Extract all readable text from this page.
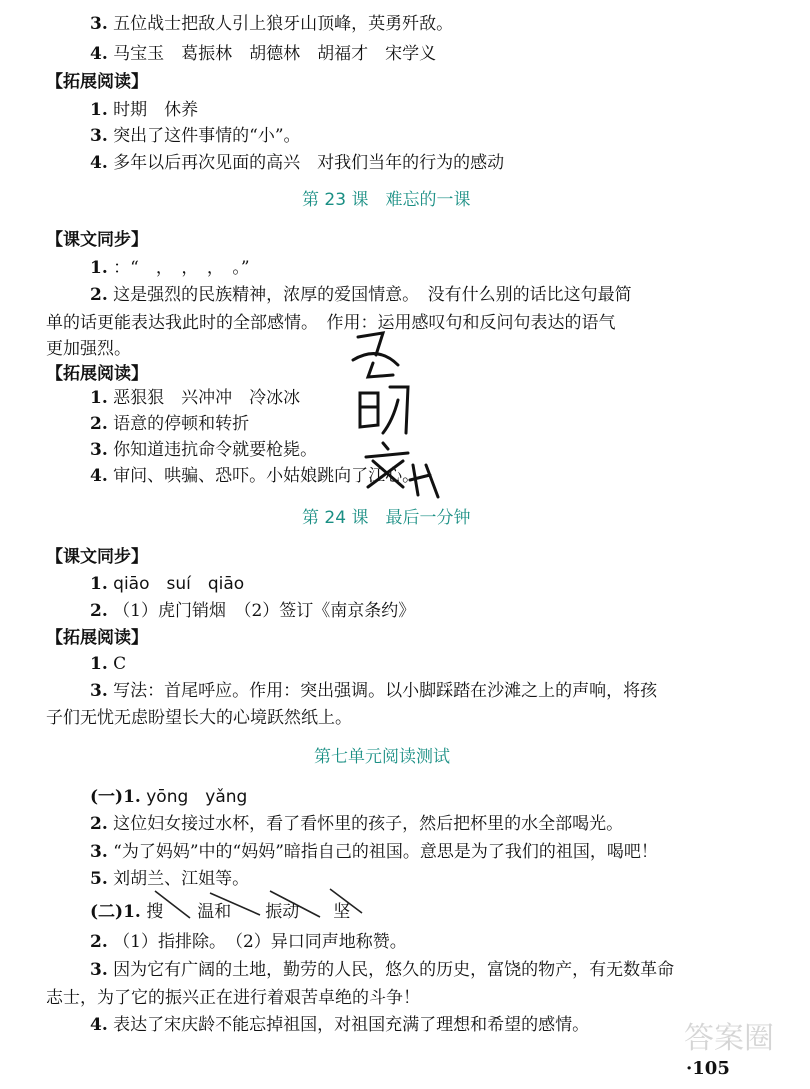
3. 五位战士把敌人引上狼牙山顶峰，英勇歼敌。
4. 马宝玉　葛振林　胡德林　胡福才　宋学义
【拓展阅读】
1. 时期　休养
3. 突出了这件事情的“小”。
4. 多年以后再次见面的高兴　对我们当年的行为的感动
第 23 课　难忘的一课
【课文同步】
1. ：“　，　，　，　。”
2. 这是强烈的民族精神，浓厚的爱国情意。　没有什么别的话比这句最简
单的话更能表达我此时的全部感情。　作用：运用感叹句和反问句表达的语气
更加强烈。
【拓展阅读】
1. 恶狠狠　兴冲冲　冷冰冰
2. 语意的停顿和转折
3. 你知道违抗命令就要枪毙。
4. 审问、哄骗、恐吓。小姑娘跳向了江心。
第 24 课　最后一分钟
【课文同步】
1. qiāo　suí　qiāo
2. （1）虎门销烟　（2）签订《南京条约》
【拓展阅读】
1. C
3. 写法：首尾呼应。作用：突出强调。以小脚踩踏在沙滩之上的声响，将孩
子们无忧无虑盼望长大的心境跃然纸上。
第七单元阅读测试
(一)1. yōng　yǎng
2. 这位妇女接过水杯，看了看怀里的孩子，然后把杯里的水全部喝光。
3. “为了妈妈”中的“妈妈”暗指自己的祖国。意思是为了我们的祖国，喝吧！
5. 刘胡兰、江姐等。
(二)1. 搜　　温和　　振动　　坚
2. （1）指排除。　（2）异口同声地称赞。
3. 因为它有广阔的土地，勤劳的人民，悠久的历史，富饶的物产，有无数革命
志士，为了它的振兴正在进行着艰苦卓绝的斗争！
4. 表达了宋庆龄不能忘掉祖国，对祖国充满了理想和希望的感情。	答案圈
·105
